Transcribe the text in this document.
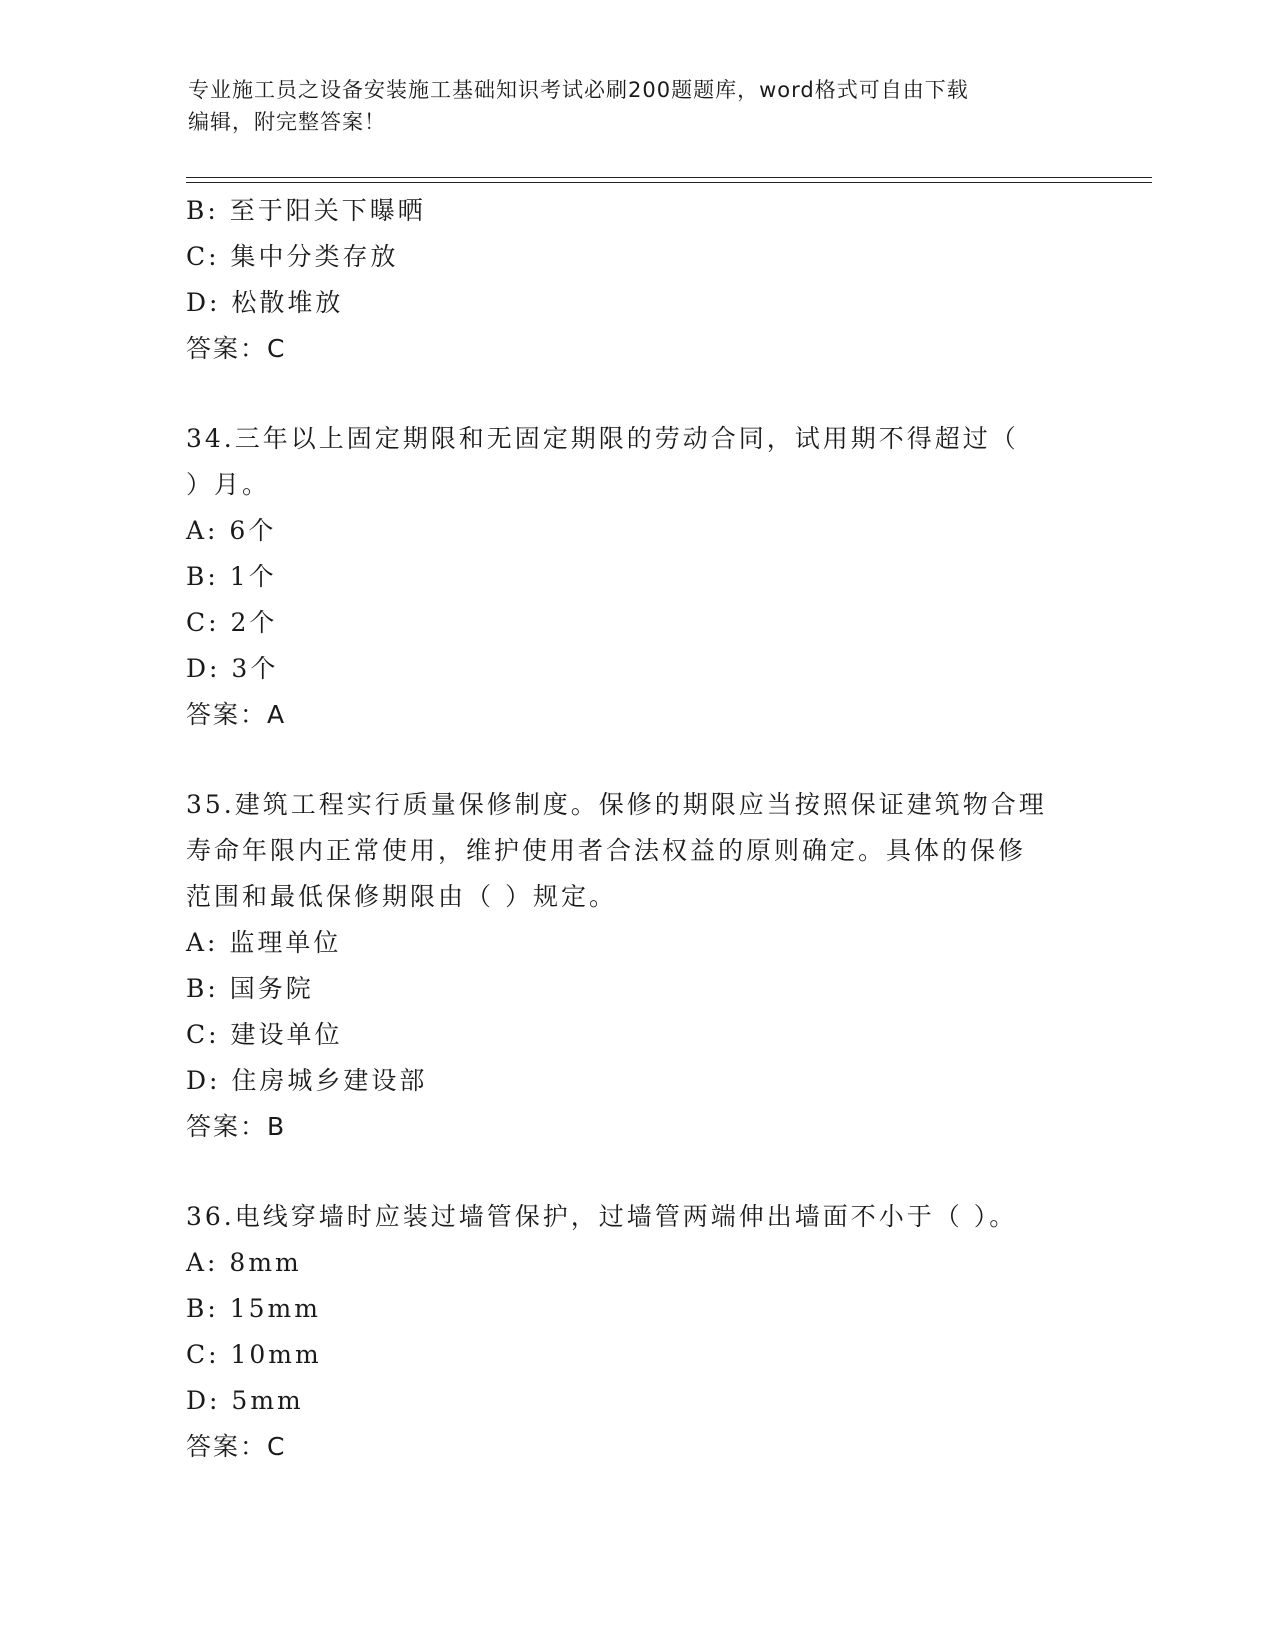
专业施工员之设备安装施工基础知识考试必刷200题题库，word格式可自由下载
编辑，附完整答案！
B: 至于阳关下曝晒
C: 集中分类存放
D: 松散堆放
答案：C
34.三年以上固定期限和无固定期限的劳动合同，试用期不得超过（
）月。
A: 6个
B: 1个
C: 2个
D: 3个
答案：A
35.建筑工程实行质量保修制度。保修的期限应当按照保证建筑物合理
寿命年限内正常使用，维护使用者合法权益的原则确定。具体的保修
范围和最低保修期限由（ ）规定。
A: 监理单位
B: 国务院
C: 建设单位
D: 住房城乡建设部
答案：B
36.电线穿墙时应装过墙管保护，过墙管两端伸出墙面不小于（ ）。
A: 8mm
B: 15mm
C: 10mm
D: 5mm
答案：C
